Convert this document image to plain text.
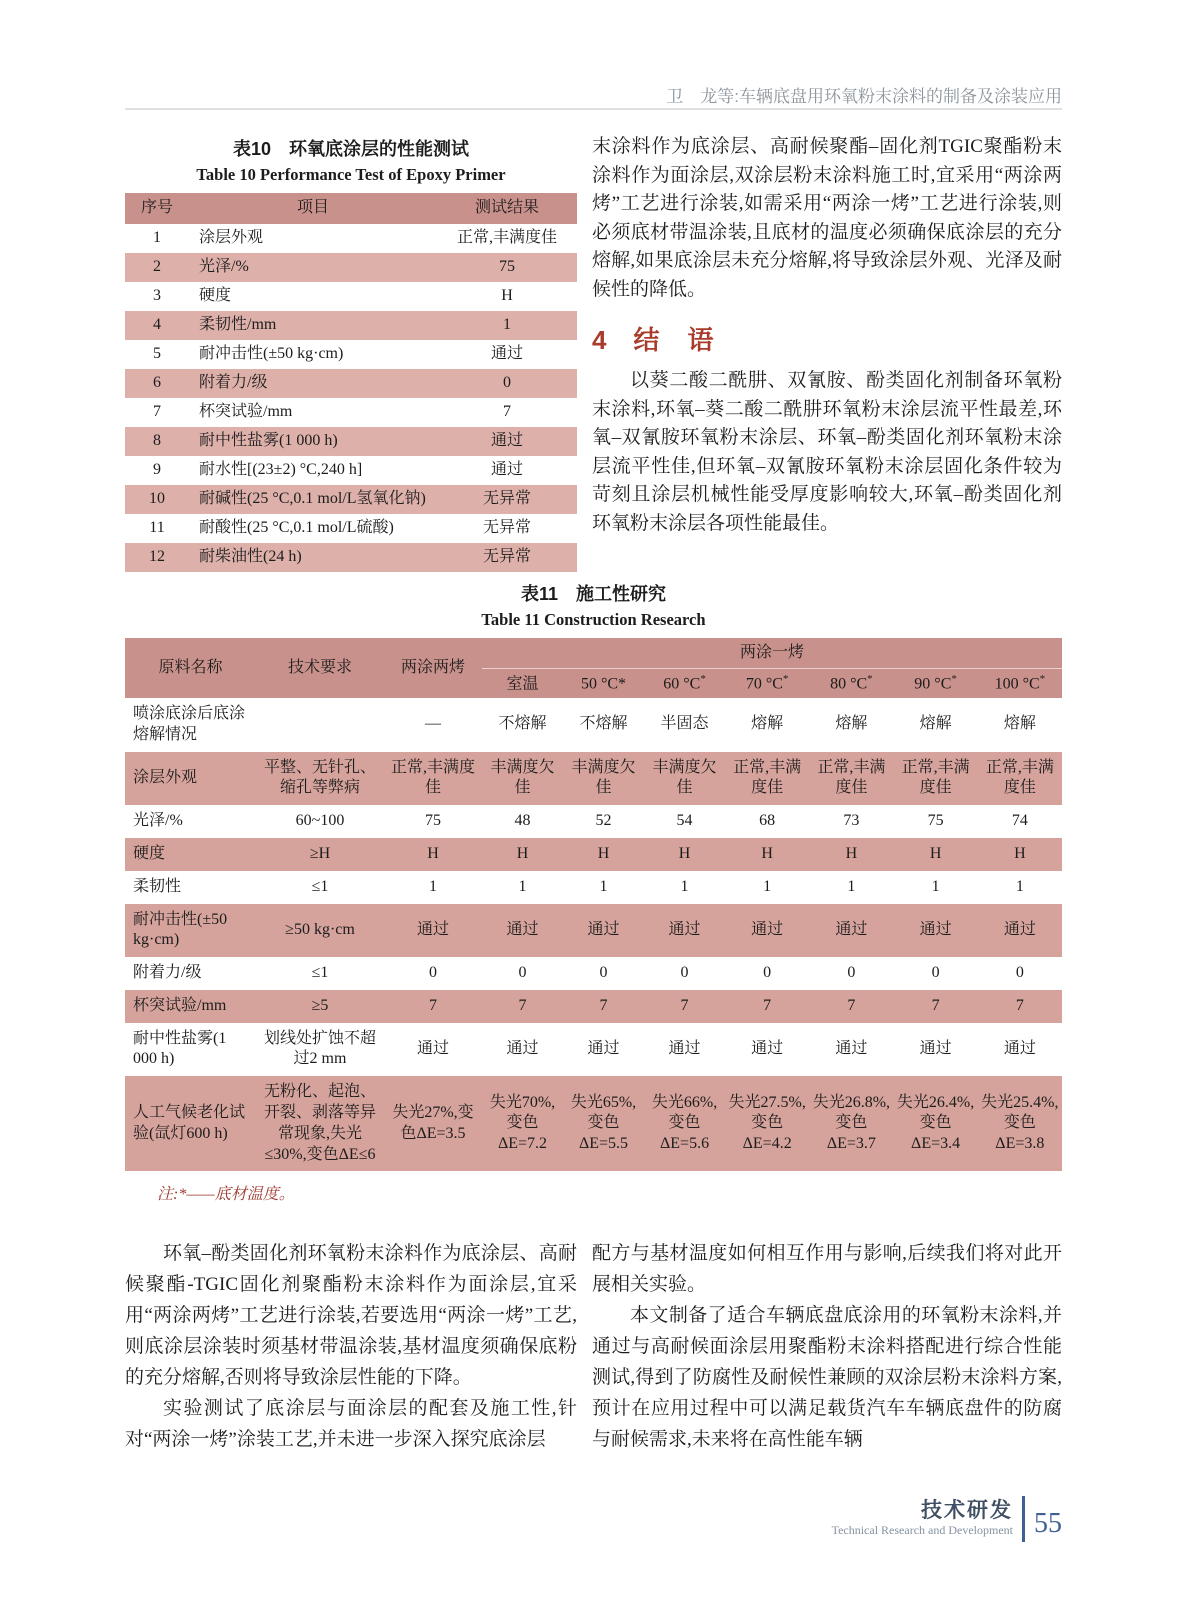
卫　龙等:车辆底盘用环氧粉末涂料的制备及涂装应用
表10　环氧底涂层的性能测试
Table 10 Performance Test of Epoxy Primer
序号	项目	测试结果
1	涂层外观	正常,丰满度佳
2	光泽/%	75
3	硬度	H
4	柔韧性/mm	1
5	耐冲击性(±50 kg·cm)	通过
6	附着力/级	0
7	杯突试验/mm	7
8	耐中性盐雾(1 000 h)	通过
9	耐水性[(23±2) °C,240 h]	通过
10	耐碱性(25 °C,0.1 mol/L氢氧化钠)	无异常
11	耐酸性(25 °C,0.1 mol/L硫酸)	无异常
12	耐柴油性(24 h)	无异常

末涂料作为底涂层、高耐候聚酯–固化剂TGIC聚酯粉末涂料作为面涂层,双涂层粉末涂料施工时,宜采用“两涂两烤”工艺进行涂装,如需采用“两涂一烤”工艺进行涂装,则必须底材带温涂装,且底材的温度必须确保底涂层的充分熔解,如果底涂层未充分熔解,将导致涂层外观、光泽及耐候性的降低。

4 结　语

以葵二酸二酰肼、双氰胺、酚类固化剂制备环氧粉末涂料,环氧–葵二酸二酰肼环氧粉末涂层流平性最差,环氧–双氰胺环氧粉末涂层、环氧–酚类固化剂环氧粉末涂层流平性佳,但环氧–双氰胺环氧粉末涂层固化条件较为苛刻且涂层机械性能受厚度影响较大,环氧–酚类固化剂环氧粉末涂层各项性能最佳。

表11　施工性研究
Table 11 Construction Research
原料名称	技术要求	两涂两烤	两涂一烤						
			室温	50 °C*	60 °C*	70 °C*	80 °C*	90 °C*	100 °C*
喷涂底涂后底涂熔解情况		—	不熔解	不熔解	半固态	熔解	熔解	熔解	熔解
涂层外观	平整、无针孔、缩孔等弊病	正常,丰满度佳	丰满度欠佳	丰满度欠佳	丰满度欠佳	正常,丰满度佳	正常,丰满度佳	正常,丰满度佳	正常,丰满度佳
光泽/%	60~100	75	48	52	54	68	73	75	74
硬度	≥H	H	H	H	H	H	H	H	H
柔韧性	≤1	1	1	1	1	1	1	1	1
耐冲击性(±50 kg·cm)	≥50 kg·cm	通过	通过	通过	通过	通过	通过	通过	通过
附着力/级	≤1	0	0	0	0	0	0	0	0
杯突试验/mm	≥5	7	7	7	7	7	7	7	7
耐中性盐雾(1 000 h)	划线处扩蚀不超过2 mm	通过	通过	通过	通过	通过	通过	通过	通过
人工气候老化试验(氙灯600 h)	无粉化、起泡、开裂、剥落等异常现象,失光≤30%,变色ΔE≤6	失光27%,变色ΔE=3.5	失光70%,变色ΔE=7.2	失光65%,变色ΔE=5.5	失光66%,变色ΔE=5.6	失光27.5%,变色ΔE=4.2	失光26.8%,变色ΔE=3.7	失光26.4%,变色ΔE=3.4	失光25.4%,变色ΔE=3.8
注:*——底材温度。

环氧–酚类固化剂环氧粉末涂料作为底涂层、高耐候聚酯-TGIC固化剂聚酯粉末涂料作为面涂层,宜采用“两涂两烤”工艺进行涂装,若要选用“两涂一烤”工艺,则底涂层涂装时须基材带温涂装,基材温度须确保底粉的充分熔解,否则将导致涂层性能的下降。

实验测试了底涂层与面涂层的配套及施工性,针对“两涂一烤”涂装工艺,并未进一步深入探究底涂层

配方与基材温度如何相互作用与影响,后续我们将对此开展相关实验。

本文制备了适合车辆底盘底涂用的环氧粉末涂料,并通过与高耐候面涂层用聚酯粉末涂料搭配进行综合性能测试,得到了防腐性及耐候性兼顾的双涂层粉末涂料方案,预计在应用过程中可以满足载货汽车车辆底盘件的防腐与耐候需求,未来将在高性能车辆

技术研发
Technical Research and Development 55
